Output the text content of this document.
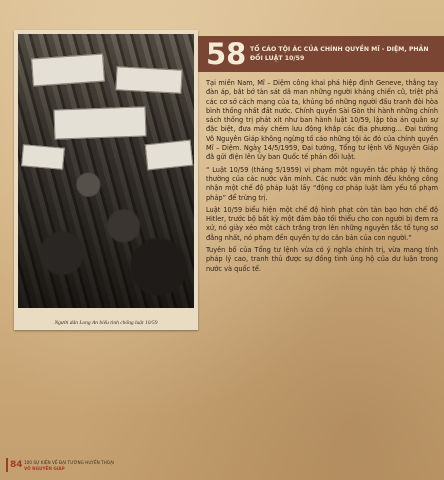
Người dân Long An biểu tình chống luật 10/59
58 TỐ CÁO TỘI ÁC CỦA CHÍNH QUYỀN MĨ - DIỆM, PHẢN ĐỐI LUẬT 10/59

Tại miền Nam, Mĩ – Diệm công khai phá hiệp định Geneve, thẳng tay đàn áp, bắt bớ tàn sát dã man những người kháng chiến cũ, triệt phá các cơ sở cách mạng của ta, khủng bố những người đấu tranh đòi hòa bình thống nhất đất nước. Chính quyền Sài Gòn thi hành những chính sách thống trị phát xít như ban hành luật 10/59, lập tòa án quân sự đặc biệt, đưa máy chém lưu động khắp các địa phương… Đại tướng Võ Nguyên Giáp không ngừng tố cáo những tội ác đó của chính quyền Mĩ – Diệm. Ngày 14/5/1959, Đại tướng, Tổng tư lệnh Võ Nguyên Giáp đã gửi điện lên Ủy ban Quốc tế phản đối luật.

“ Luật 10/59 (tháng 5/1959) vi phạm một nguyên tắc pháp lý thông thường của các nước văn minh. Các nước văn minh đều không công nhận một chế độ pháp luật lấy “động cơ pháp luật làm yếu tố phạm pháp” để trừng trị.

Luật 10/59 biểu hiện một chế độ hình phạt còn tàn bạo hơn chế độ Hitler, trước bộ bất kỳ một đảm bảo tối thiểu cho con người bị đem ra xử, nó giày xéo một cách trắng trợn lên những nguyên tắc tố tụng sơ đẳng nhất, nó phạm đến quyền tự do căn bản của con người.”

Tuyên bố của Tổng tư lệnh vừa có ý nghĩa chính trị, vừa mang tính pháp lý cao, tranh thủ được sự đồng tình ủng hộ của dư luận trong nước và quốc tế.

84 100 SỰ KIỆN VỀ ĐẠI TƯỚNG HUYỀN THOẠI
VÕ NGUYÊN GIÁP
